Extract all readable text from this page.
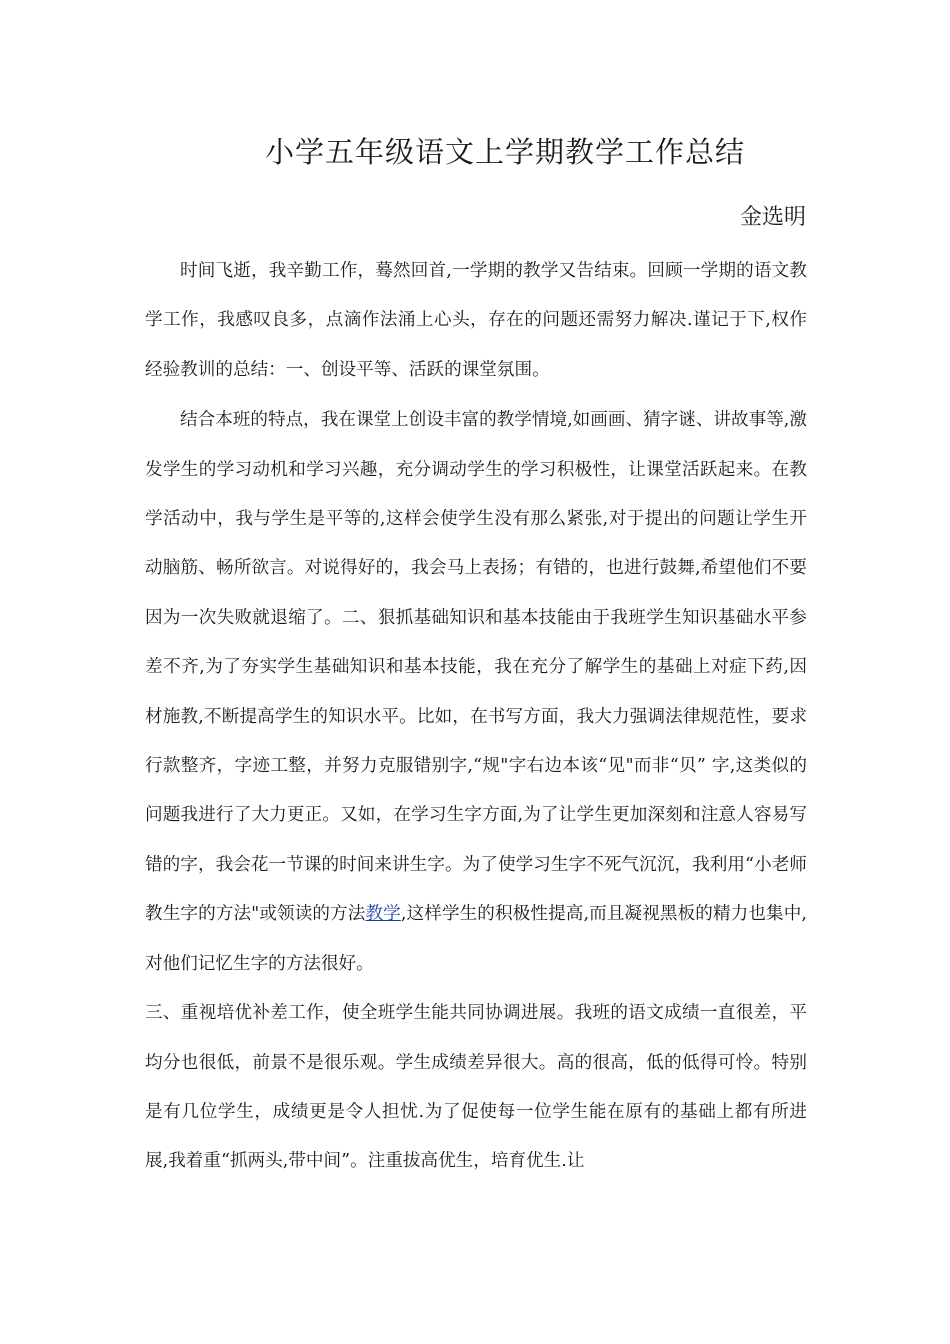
小学五年级语文上学期教学工作总结
金选明

时间飞逝，我辛勤工作，蓦然回首,一学期的教学又告结束。回顾一学期的语文教学工作，我感叹良多，点滴作法涌上心头，存在的问题还需努力解决.谨记于下,权作经验教训的总结：一、创设平等、活跃的课堂氛围。

结合本班的特点，我在课堂上创设丰富的教学情境,如画画、猜字谜、讲故事等,激发学生的学习动机和学习兴趣，充分调动学生的学习积极性，让课堂活跃起来。在教学活动中，我与学生是平等的,这样会使学生没有那么紧张,对于提出的问题让学生开动脑筋、畅所欲言。对说得好的，我会马上表扬；有错的，也进行鼓舞,希望他们不要因为一次失败就退缩了。二、狠抓基础知识和基本技能由于我班学生知识基础水平参差不齐,为了夯实学生基础知识和基本技能，我在充分了解学生的基础上对症下药,因材施教,不断提高学生的知识水平。比如，在书写方面，我大力强调法律规范性，要求行款整齐，字迹工整，并努力克服错别字,“规"字右边本该“见"而非“贝” 字,这类似的问题我进行了大力更正。又如，在学习生字方面,为了让学生更加深刻和注意人容易写错的字，我会花一节课的时间来讲生字。为了使学习生字不死气沉沉，我利用“小老师教生字的方法"或领读的方法教学,这样学生的积极性提高,而且凝视黑板的精力也集中,对他们记忆生字的方法很好。

三、重视培优补差工作，使全班学生能共同协调进展。我班的语文成绩一直很差，平均分也很低，前景不是很乐观。学生成绩差异很大。高的很高，低的低得可怜。特别是有几位学生，成绩更是令人担忧.为了促使每一位学生能在原有的基础上都有所进展,我着重“抓两头,带中间”。注重拔高优生，培育优生.让
